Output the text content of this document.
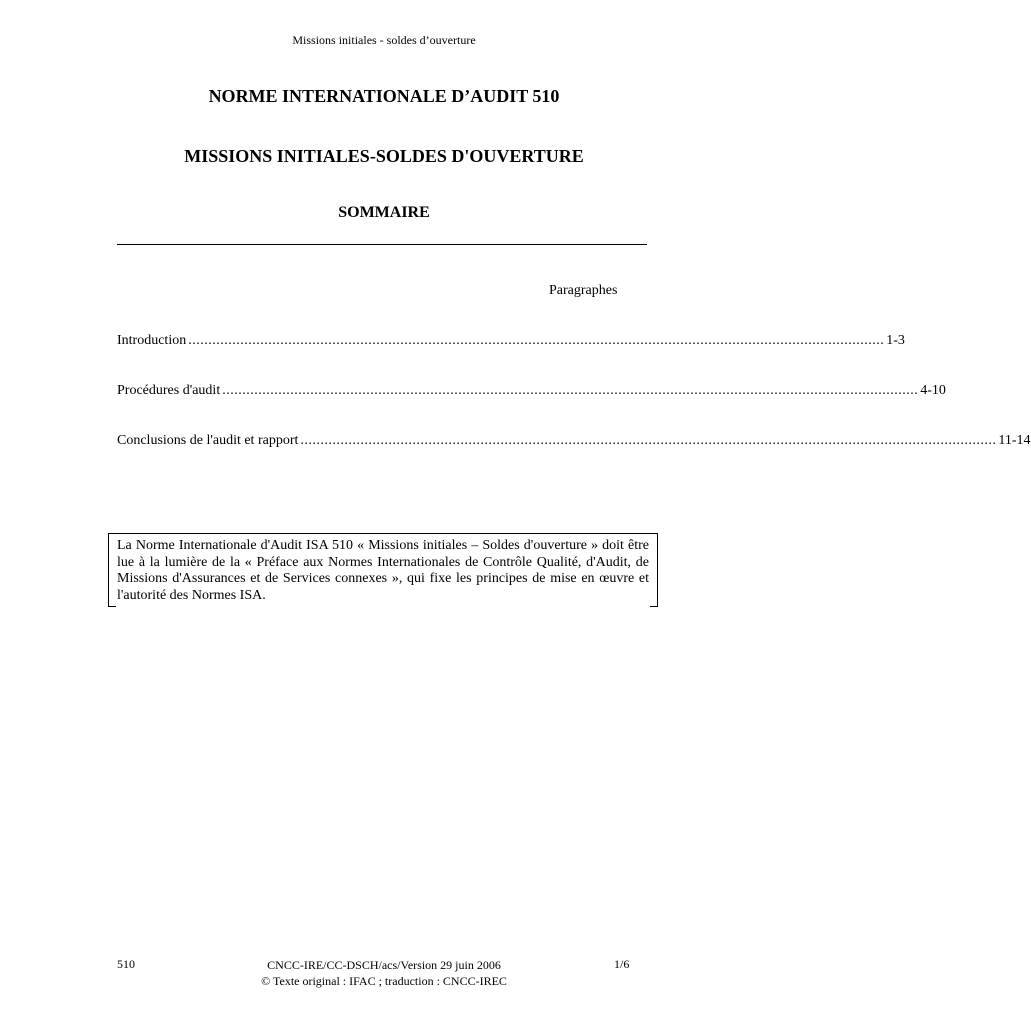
Missions initiales - soldes d’ouverture
NORME INTERNATIONALE D’AUDIT 510
MISSIONS INITIALES-SOLDES D'OUVERTURE
SOMMAIRE
Paragraphes
Introduction .............................................................................................................................................................................. 1-3
Procédures d'audit .............................................................................................................................................................................. 4-10
Conclusions de l'audit et rapport .............................................................................................................................................................................. 11-14
La Norme Internationale d'Audit ISA 510 « Missions initiales – Soldes d'ouverture » doit être lue à la lumière de la « Préface aux Normes Internationales de Contrôle Qualité, d'Audit, de Missions d'Assurances et de Services connexes », qui fixe les principes de mise en œuvre et l'autorité des Normes ISA.
510	CNCC-IRE/CC-DSCH/acs/Version 29 juin 2006
© Texte original : IFAC ; traduction : CNCC-IREC
1/6
